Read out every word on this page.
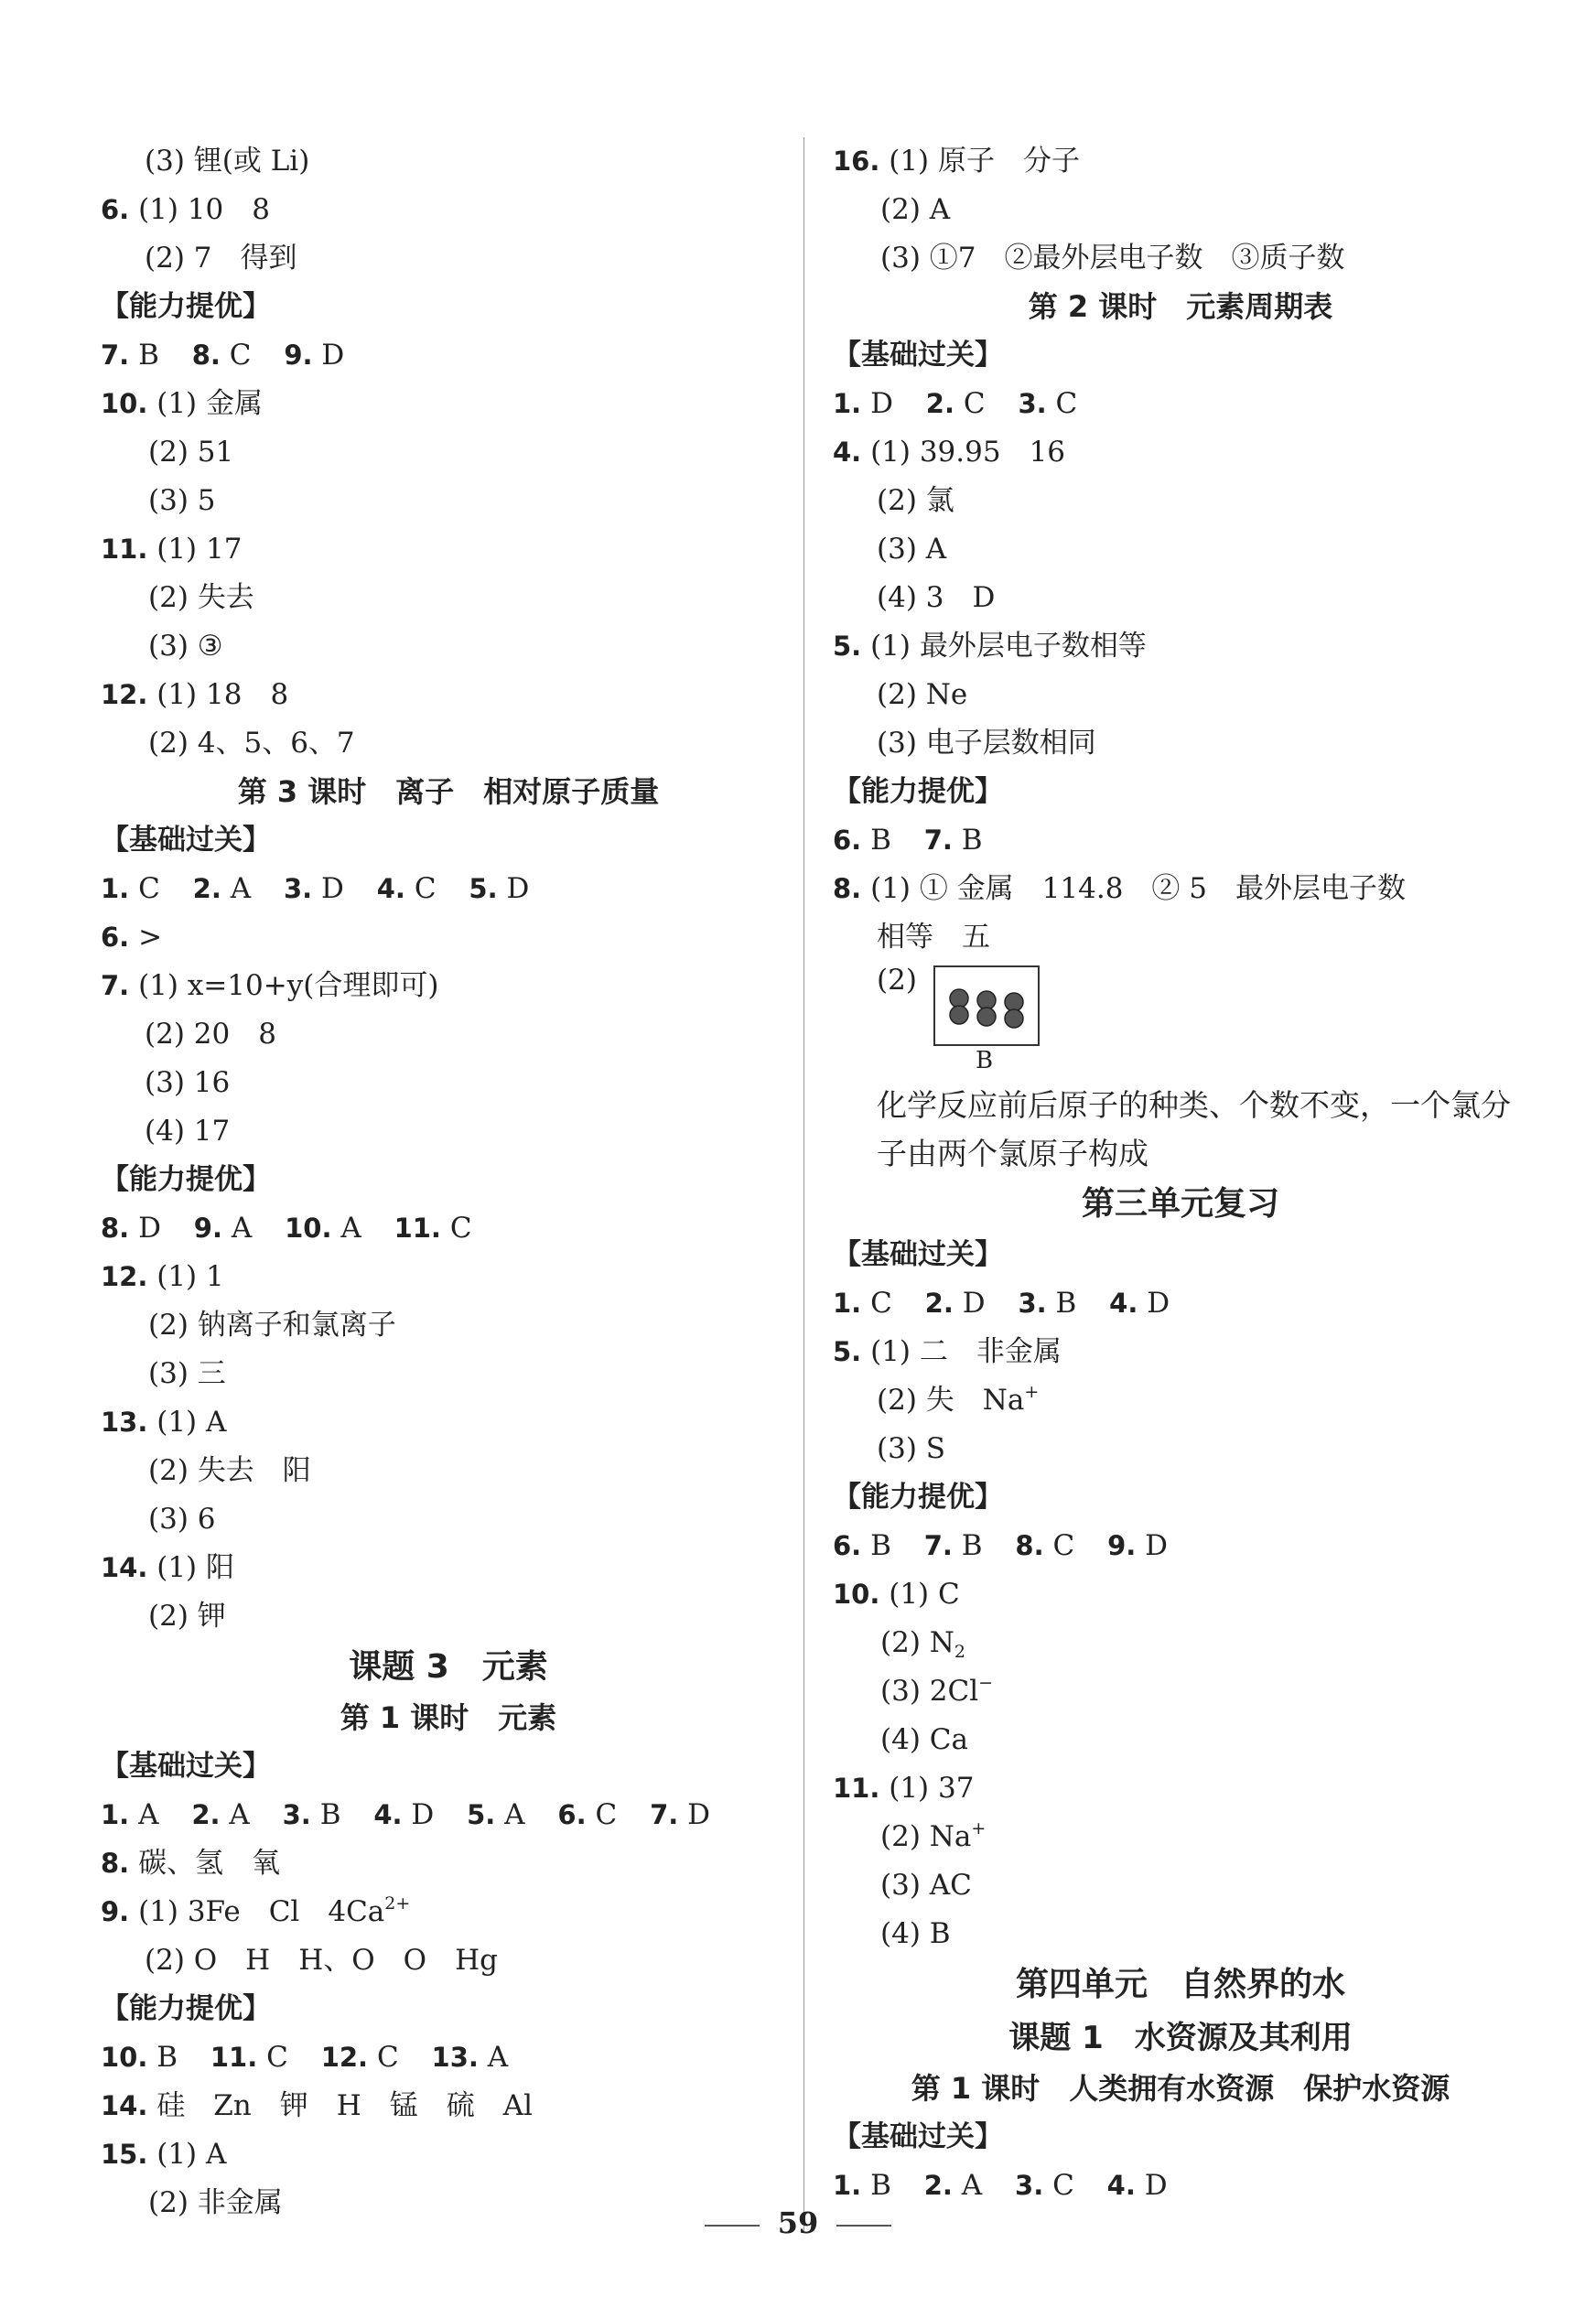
(3) 锂(或 Li)
6. (1) 10　8
(2) 7　得到
【能力提优】
7. B 8. C 9. D
10. (1) 金属
(2) 51
(3) 5
11. (1) 17
(2) 失去
(3) ③
12. (1) 18　8
(2) 4、5、6、7
第 3 课时　离子　相对原子质量
【基础过关】
1. C 2. A 3. D 4. C 5. D
6. >
7. (1) x=10+y(合理即可)
(2) 20　8
(3) 16
(4) 17
【能力提优】
8. D 9. A 10. A 11. C
12. (1) 1
(2) 钠离子和氯离子
(3) 三
13. (1) A
(2) 失去　阳
(3) 6
14. (1) 阳
(2) 钾
课题 3　元素
第 1 课时　元素
【基础过关】
1. A 2. A 3. B 4. D 5. A 6. C 7. D
8. 碳、氢　氧
9. (1) 3Fe　Cl　$4Ca^{2+}$
(2) O　H　H、O　O　Hg
【能力提优】
10. B 11. C 12. C 13. A
14. 硅　Zn　钾　H　锰　硫　Al
15. (1) A
(2) 非金属
16. (1) 原子　分子
(2) A
(3) ①7　②最外层电子数　③质子数
第 2 课时　元素周期表
【基础过关】
1. D 2. C 3. C
4. (1) 39.95　16
(2) 氯
(3) A
(4) 3　D
5. (1) 最外层电子数相等
(2) Ne
(3) 电子层数相同
【能力提优】
6. B 7. B
8. (1) ① 金属　114.8　② 5　最外层电子数
相等　五
(2)
B
化学反应前后原子的种类、个数不变，一个氯分
子由两个氯原子构成
第三单元复习
【基础过关】
1. C 2. D 3. B 4. D
5. (1) 二　非金属
(2) 失　Na+
(3) S
【能力提优】
6. B 7. B 8. C 9. D
10. (1) C
(2) $N_2$
(3) 2Cl−
(4) Ca
11. (1) 37
(2) Na+
(3) AC
(4) B
第四单元　自然界的水
课题 1　水资源及其利用
第 1 课时　人类拥有水资源　保护水资源
【基础过关】
1. B 2. A 3. C 4. D
59
